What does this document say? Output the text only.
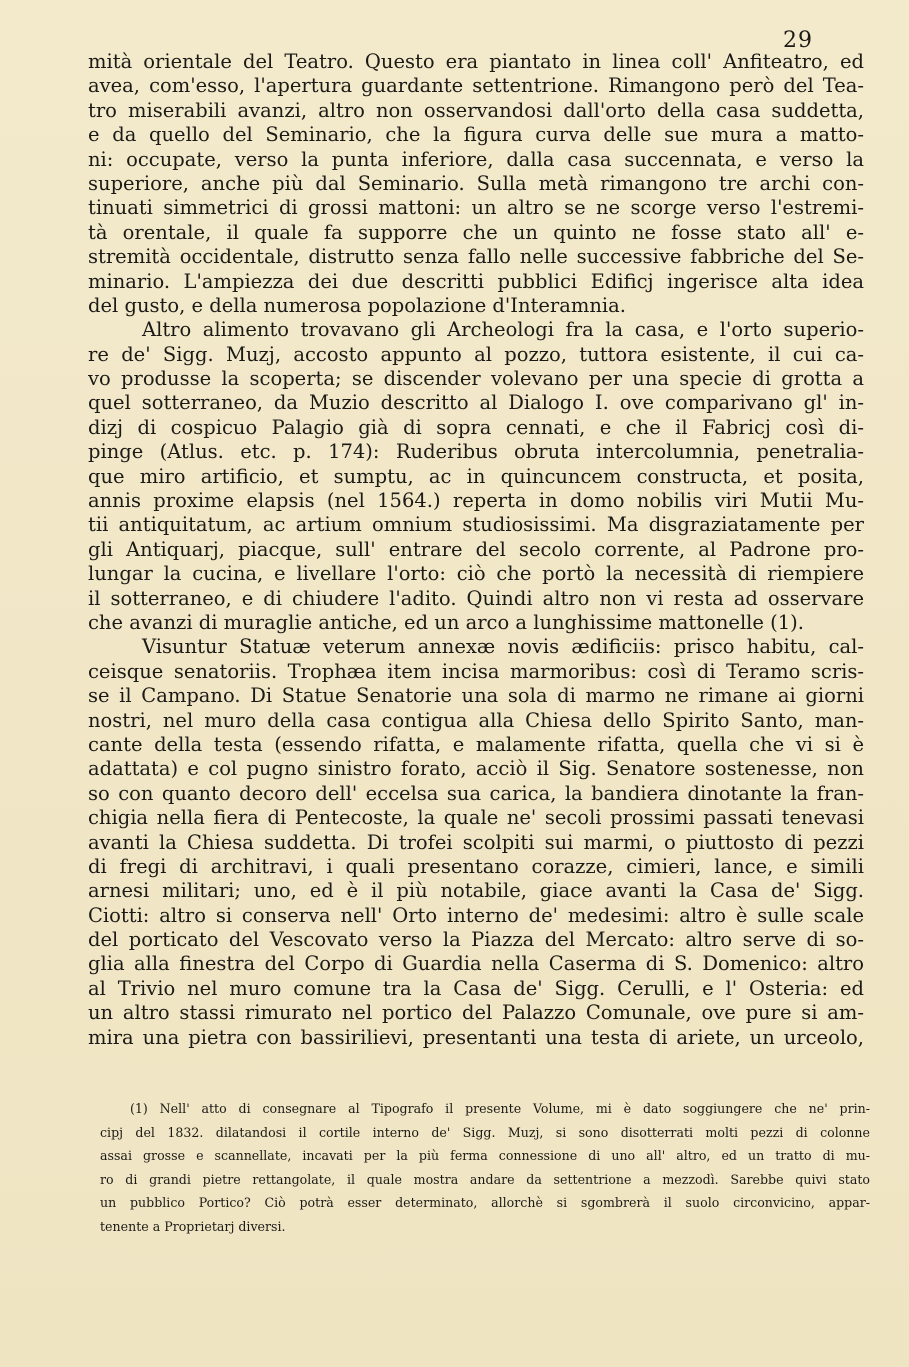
29
mità orientale del Teatro. Questo era piantato in linea coll' Anfiteatro, ed
avea, com'esso, l'apertura guardante settentrione. Rimangono però del Tea-
tro miserabili avanzi, altro non osservandosi dall'orto della casa suddetta,
e da quello del Seminario, che la figura curva delle sue mura a matto-
ni: occupate, verso la punta inferiore, dalla casa succennata, e verso la
superiore, anche più dal Seminario. Sulla metà rimangono tre archi con-
tinuati simmetrici di grossi mattoni: un altro se ne scorge verso l'estremi-
tà orentale, il quale fa supporre che un quinto ne fosse stato all' e-
stremità occidentale, distrutto senza fallo nelle successive fabbriche del Se-
minario. L'ampiezza dei due descritti pubblici Edificj ingerisce alta idea
del gusto, e della numerosa popolazione d'Interamnia.
Altro alimento trovavano gli Archeologi fra la casa, e l'orto superio-
re de' Sigg. Muzj, accosto appunto al pozzo, tuttora esistente, il cui ca-
vo produsse la scoperta; se discender volevano per una specie di grotta a
quel sotterraneo, da Muzio descritto al Dialogo I. ove comparivano gl' in-
dizj di cospicuo Palagio già di sopra cennati, e che il Fabricj così di-
pinge (Atlus. etc. p. 174): Ruderibus obruta intercolumnia, penetralia-
que miro artificio, et sumptu, ac in quincuncem constructa, et posita,
annis proxime elapsis (nel 1564.) reperta in domo nobilis viri Mutii Mu-
tii antiquitatum, ac artium omnium studiosissimi. Ma disgraziatamente per
gli Antiquarj, piacque, sull' entrare del secolo corrente, al Padrone pro-
lungar la cucina, e livellare l'orto: ciò che portò la necessità di riempiere
il sotterraneo, e di chiudere l'adito. Quindi altro non vi resta ad osservare
che avanzi di muraglie antiche, ed un arco a lunghissime mattonelle (1).
Visuntur Statuæ veterum annexæ novis ædificiis: prisco habitu, cal-
ceisque senatoriis. Trophæa item incisa marmoribus: così di Teramo scris-
se il Campano. Di Statue Senatorie una sola di marmo ne rimane ai giorni
nostri, nel muro della casa contigua alla Chiesa dello Spirito Santo, man-
cante della testa (essendo rifatta, e malamente rifatta, quella che vi si è
adattata) e col pugno sinistro forato, acciò il Sig. Senatore sostenesse, non
so con quanto decoro dell' eccelsa sua carica, la bandiera dinotante la fran-
chigia nella fiera di Pentecoste, la quale ne' secoli prossimi passati tenevasi
avanti la Chiesa suddetta. Di trofei scolpiti sui marmi, o piuttosto di pezzi
di fregi di architravi, i quali presentano corazze, cimieri, lance, e simili
arnesi militari; uno, ed è il più notabile, giace avanti la Casa de' Sigg.
Ciotti: altro si conserva nell' Orto interno de' medesimi: altro è sulle scale
del porticato del Vescovato verso la Piazza del Mercato: altro serve di so-
glia alla finestra del Corpo di Guardia nella Caserma di S. Domenico: altro
al Trivio nel muro comune tra la Casa de' Sigg. Cerulli, e l' Osteria: ed
un altro stassi rimurato nel portico del Palazzo Comunale, ove pure si am-
mira una pietra con bassirilievi, presentanti una testa di ariete, un urceolo,
(1) Nell' atto di consegnare al Tipografo il presente Volume, mi è dato soggiungere che ne' prin-
cipj del 1832. dilatandosi il cortile interno de' Sigg. Muzj, si sono disotterrati molti pezzi di colonne
assai grosse e scannellate, incavati per la più ferma connessione di uno all' altro, ed un tratto di mu-
ro di grandi pietre rettangolate, il quale mostra andare da settentrione a mezzodì. Sarebbe quivi stato
un pubblico Portico? Ciò potrà esser determinato, allorchè si sgombrerà il suolo circonvicino, appar-
tenente a Proprietarj diversi.
